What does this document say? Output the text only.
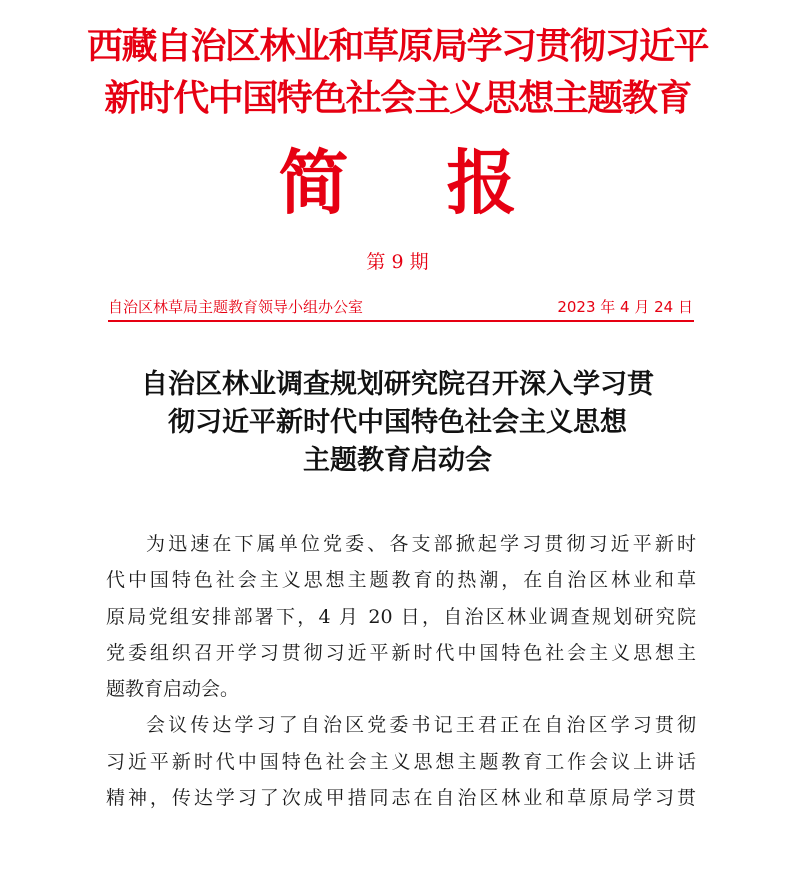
西藏自治区林业和草原局学习贯彻习近平
新时代中国特色社会主义思想主题教育
简报
第 9 期
自治区林草局主题教育领导小组办公室	2023 年 4 月 24 日
自治区林业调查规划研究院召开深入学习贯
彻习近平新时代中国特色社会主义思想
主题教育启动会
为迅速在下属单位党委、各支部掀起学习贯彻习近平新时
代中国特色社会主义思想主题教育的热潮，在自治区林业和草
原局党组安排部署下，4 月 20 日，自治区林业调查规划研究院
党委组织召开学习贯彻习近平新时代中国特色社会主义思想主
题教育启动会。
会议传达学习了自治区党委书记王君正在自治区学习贯彻
习近平新时代中国特色社会主义思想主题教育工作会议上讲话
精神，传达学习了次成甲措同志在自治区林业和草原局学习贯
